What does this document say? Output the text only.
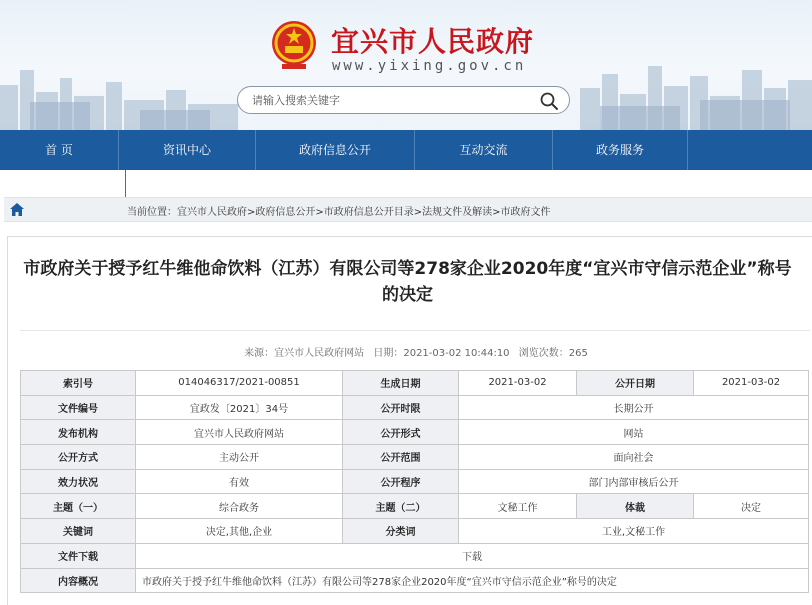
宜兴市人民政府
www.yixing.gov.cn
请输入搜索关键字
首 页	资讯中心	政府信息公开	互动交流	政务服务
当前位置：宜兴市人民政府>政府信息公开>市政府信息公开目录>法规文件及解读>市政府文件
市政府关于授予红牛维他命饮料（江苏）有限公司等278家企业2020年度“宜兴市守信示范企业”称号的决定
来源：宜兴市人民政府网站 日期：2021-03-02 10:44:10 浏览次数：265
索引号	014046317/2021-00851	生成日期	2021-03-02	公开日期	2021-03-02
文件编号	宜政发〔2021〕34号	公开时限	长期公开		
发布机构	宜兴市人民政府网站	公开形式	网站		
公开方式	主动公开	公开范围	面向社会		
效力状况	有效	公开程序	部门内部审核后公开		
主题（一）	综合政务	主题（二）	文秘工作	体裁	决定
关键词	决定,其他,企业	分类词	工业,文秘工作		
文件下载	下载				
内容概况	市政府关于授予红牛维他命饮料（江苏）有限公司等278家企业2020年度“宜兴市守信示范企业”称号的决定				
